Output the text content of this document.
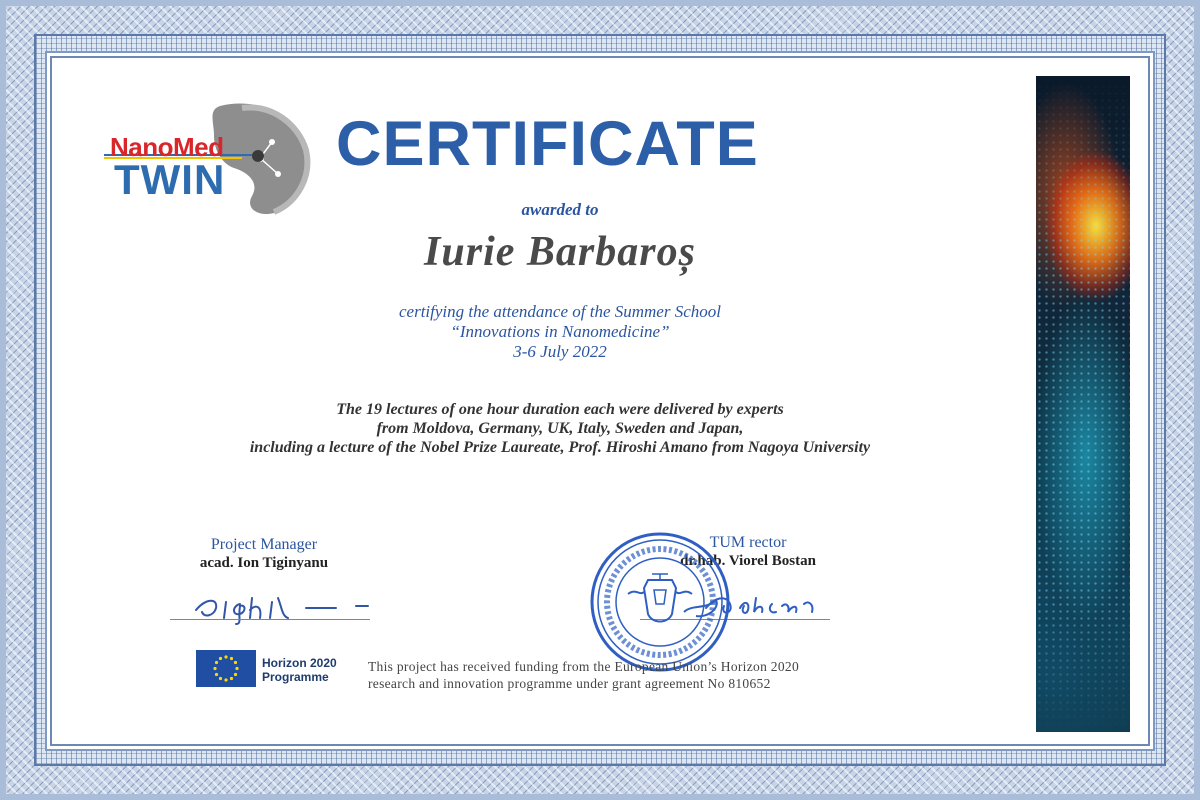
NanoMed
TWIN
CERTIFICATE
awarded to
Iurie Barbaroș
certifying the attendance of the Summer School
“Innovations in Nanomedicine”
3-6 July 2022
The 19 lectures of one hour duration each were delivered by experts
from Moldova, Germany, UK, Italy, Sweden and Japan,
including a lecture of the Nobel Prize Laureate, Prof. Hiroshi Amano from Nagoya University
Project Manager
acad. Ion Tiginyanu
TUM rector
dr.hab. Viorel Bostan
Horizon 2020
Programme
This project has received funding from the European Union’s Horizon 2020
research and innovation programme under grant agreement No 810652
